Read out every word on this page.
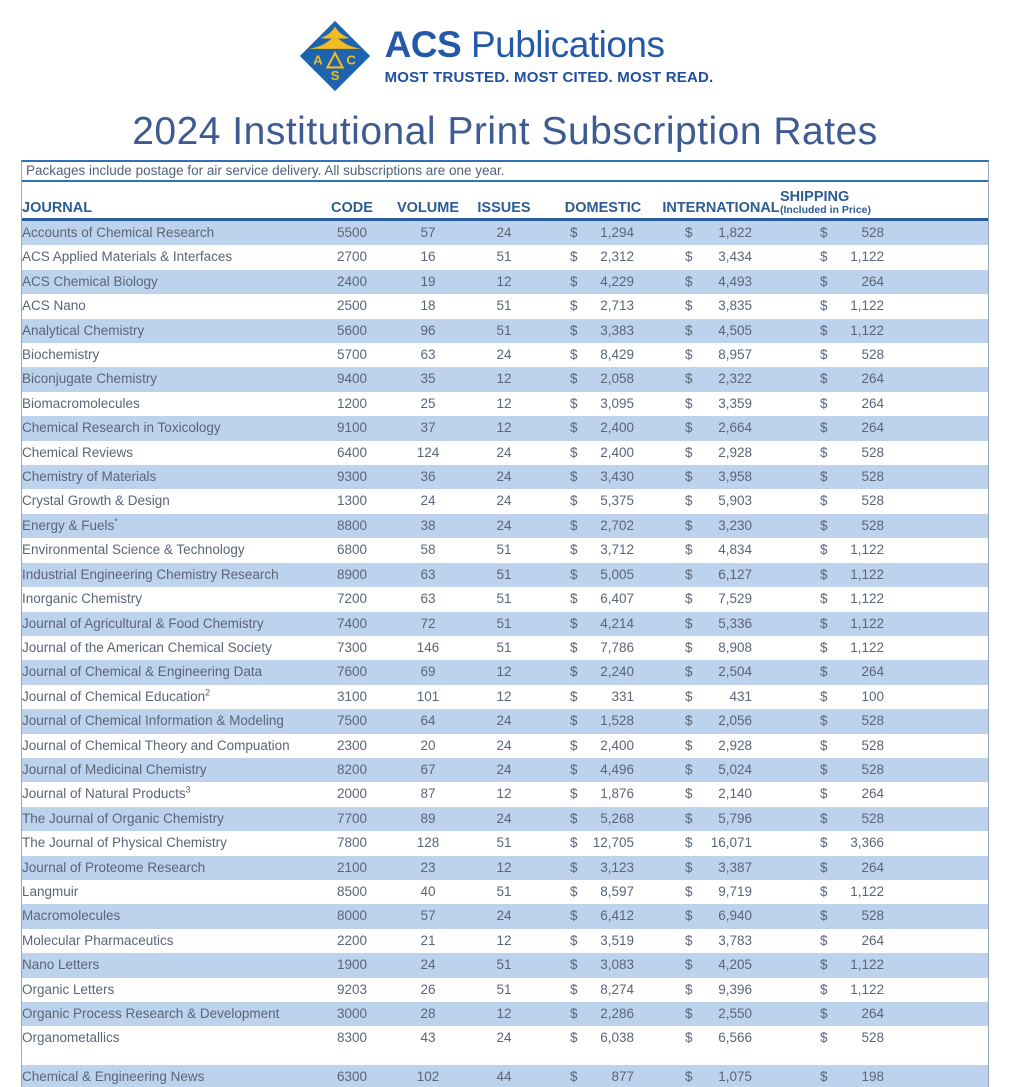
A C
S
ACS Publications
MOST TRUSTED. MOST CITED. MOST READ.
2024 Institutional Print Subscription Rates
Packages include postage for air service delivery. All subscriptions are one year.
JOURNAL	CODE	VOLUME	ISSUES	DOMESTIC	INTERNATIONAL	SHIPPING
(Included in Price)	

Accounts of Chemical Research	5500	57	24	$ 1,294	$ 1,822	$ 528	

ACS Applied Materials & Interfaces	2700	16	51	$ 2,312	$ 3,434	$ 1,122	

ACS Chemical Biology	2400	19	12	$ 4,229	$ 4,493	$ 264	

ACS Nano	2500	18	51	$ 2,713	$ 3,835	$ 1,122	

Analytical Chemistry	5600	96	51	$ 3,383	$ 4,505	$ 1,122	

Biochemistry	5700	63	24	$ 8,429	$ 8,957	$ 528	

Biconjugate Chemistry	9400	35	12	$ 2,058	$ 2,322	$ 264	

Biomacromolecules	1200	25	12	$ 3,095	$ 3,359	$ 264	

Chemical Research in Toxicology	9100	37	12	$ 2,400	$ 2,664	$ 264	

Chemical Reviews	6400	124	24	$ 2,400	$ 2,928	$ 528	

Chemistry of Materials	9300	36	24	$ 3,430	$ 3,958	$ 528	

Crystal Growth & Design	1300	24	24	$ 5,375	$ 5,903	$ 528	

Energy & Fuels*	8800	38	24	$ 2,702	$ 3,230	$ 528	

Environmental Science & Technology	6800	58	51	$ 3,712	$ 4,834	$ 1,122	

Industrial Engineering Chemistry Research	8900	63	51	$ 5,005	$ 6,127	$ 1,122	

Inorganic Chemistry	7200	63	51	$ 6,407	$ 7,529	$ 1,122	

Journal of Agricultural & Food Chemistry	7400	72	51	$ 4,214	$ 5,336	$ 1,122	

Journal of the American Chemical Society	7300	146	51	$ 7,786	$ 8,908	$ 1,122	

Journal of Chemical & Engineering Data	7600	69	12	$ 2,240	$ 2,504	$ 264	

Journal of Chemical Education$^2$	3100	101	12	$ 331	$ 431	$ 100	

Journal of Chemical Information & Modeling	7500	64	24	$ 1,528	$ 2,056	$ 528	

Journal of Chemical Theory and Compuation	2300	20	24	$ 2,400	$ 2,928	$ 528	

Journal of Medicinal Chemistry	8200	67	24	$ 4,496	$ 5,024	$ 528	

Journal of Natural Products$^3$	2000	87	12	$ 1,876	$ 2,140	$ 264	

The Journal of Organic Chemistry	7700	89	24	$ 5,268	$ 5,796	$ 528	

The Journal of Physical Chemistry	7800	128	51	$ 12,705	$ 16,071	$ 3,366	

Journal of Proteome Research	2100	23	12	$ 3,123	$ 3,387	$ 264	

Langmuir	8500	40	51	$ 8,597	$ 9,719	$ 1,122	

Macromolecules	8000	57	24	$ 6,412	$ 6,940	$ 528	

Molecular Pharmaceutics	2200	21	12	$ 3,519	$ 3,783	$ 264	

Nano Letters	1900	24	51	$ 3,083	$ 4,205	$ 1,122	

Organic Letters	9203	26	51	$ 8,274	$ 9,396	$ 1,122	

Organic Process Research & Development	3000	28	12	$ 2,286	$ 2,550	$ 264	

Organometallics	8300	43	24	$ 6,038	$ 6,566	$ 528	

Chemical & Engineering News	6300	102	44	$ 877	$ 1,075	$ 198	
